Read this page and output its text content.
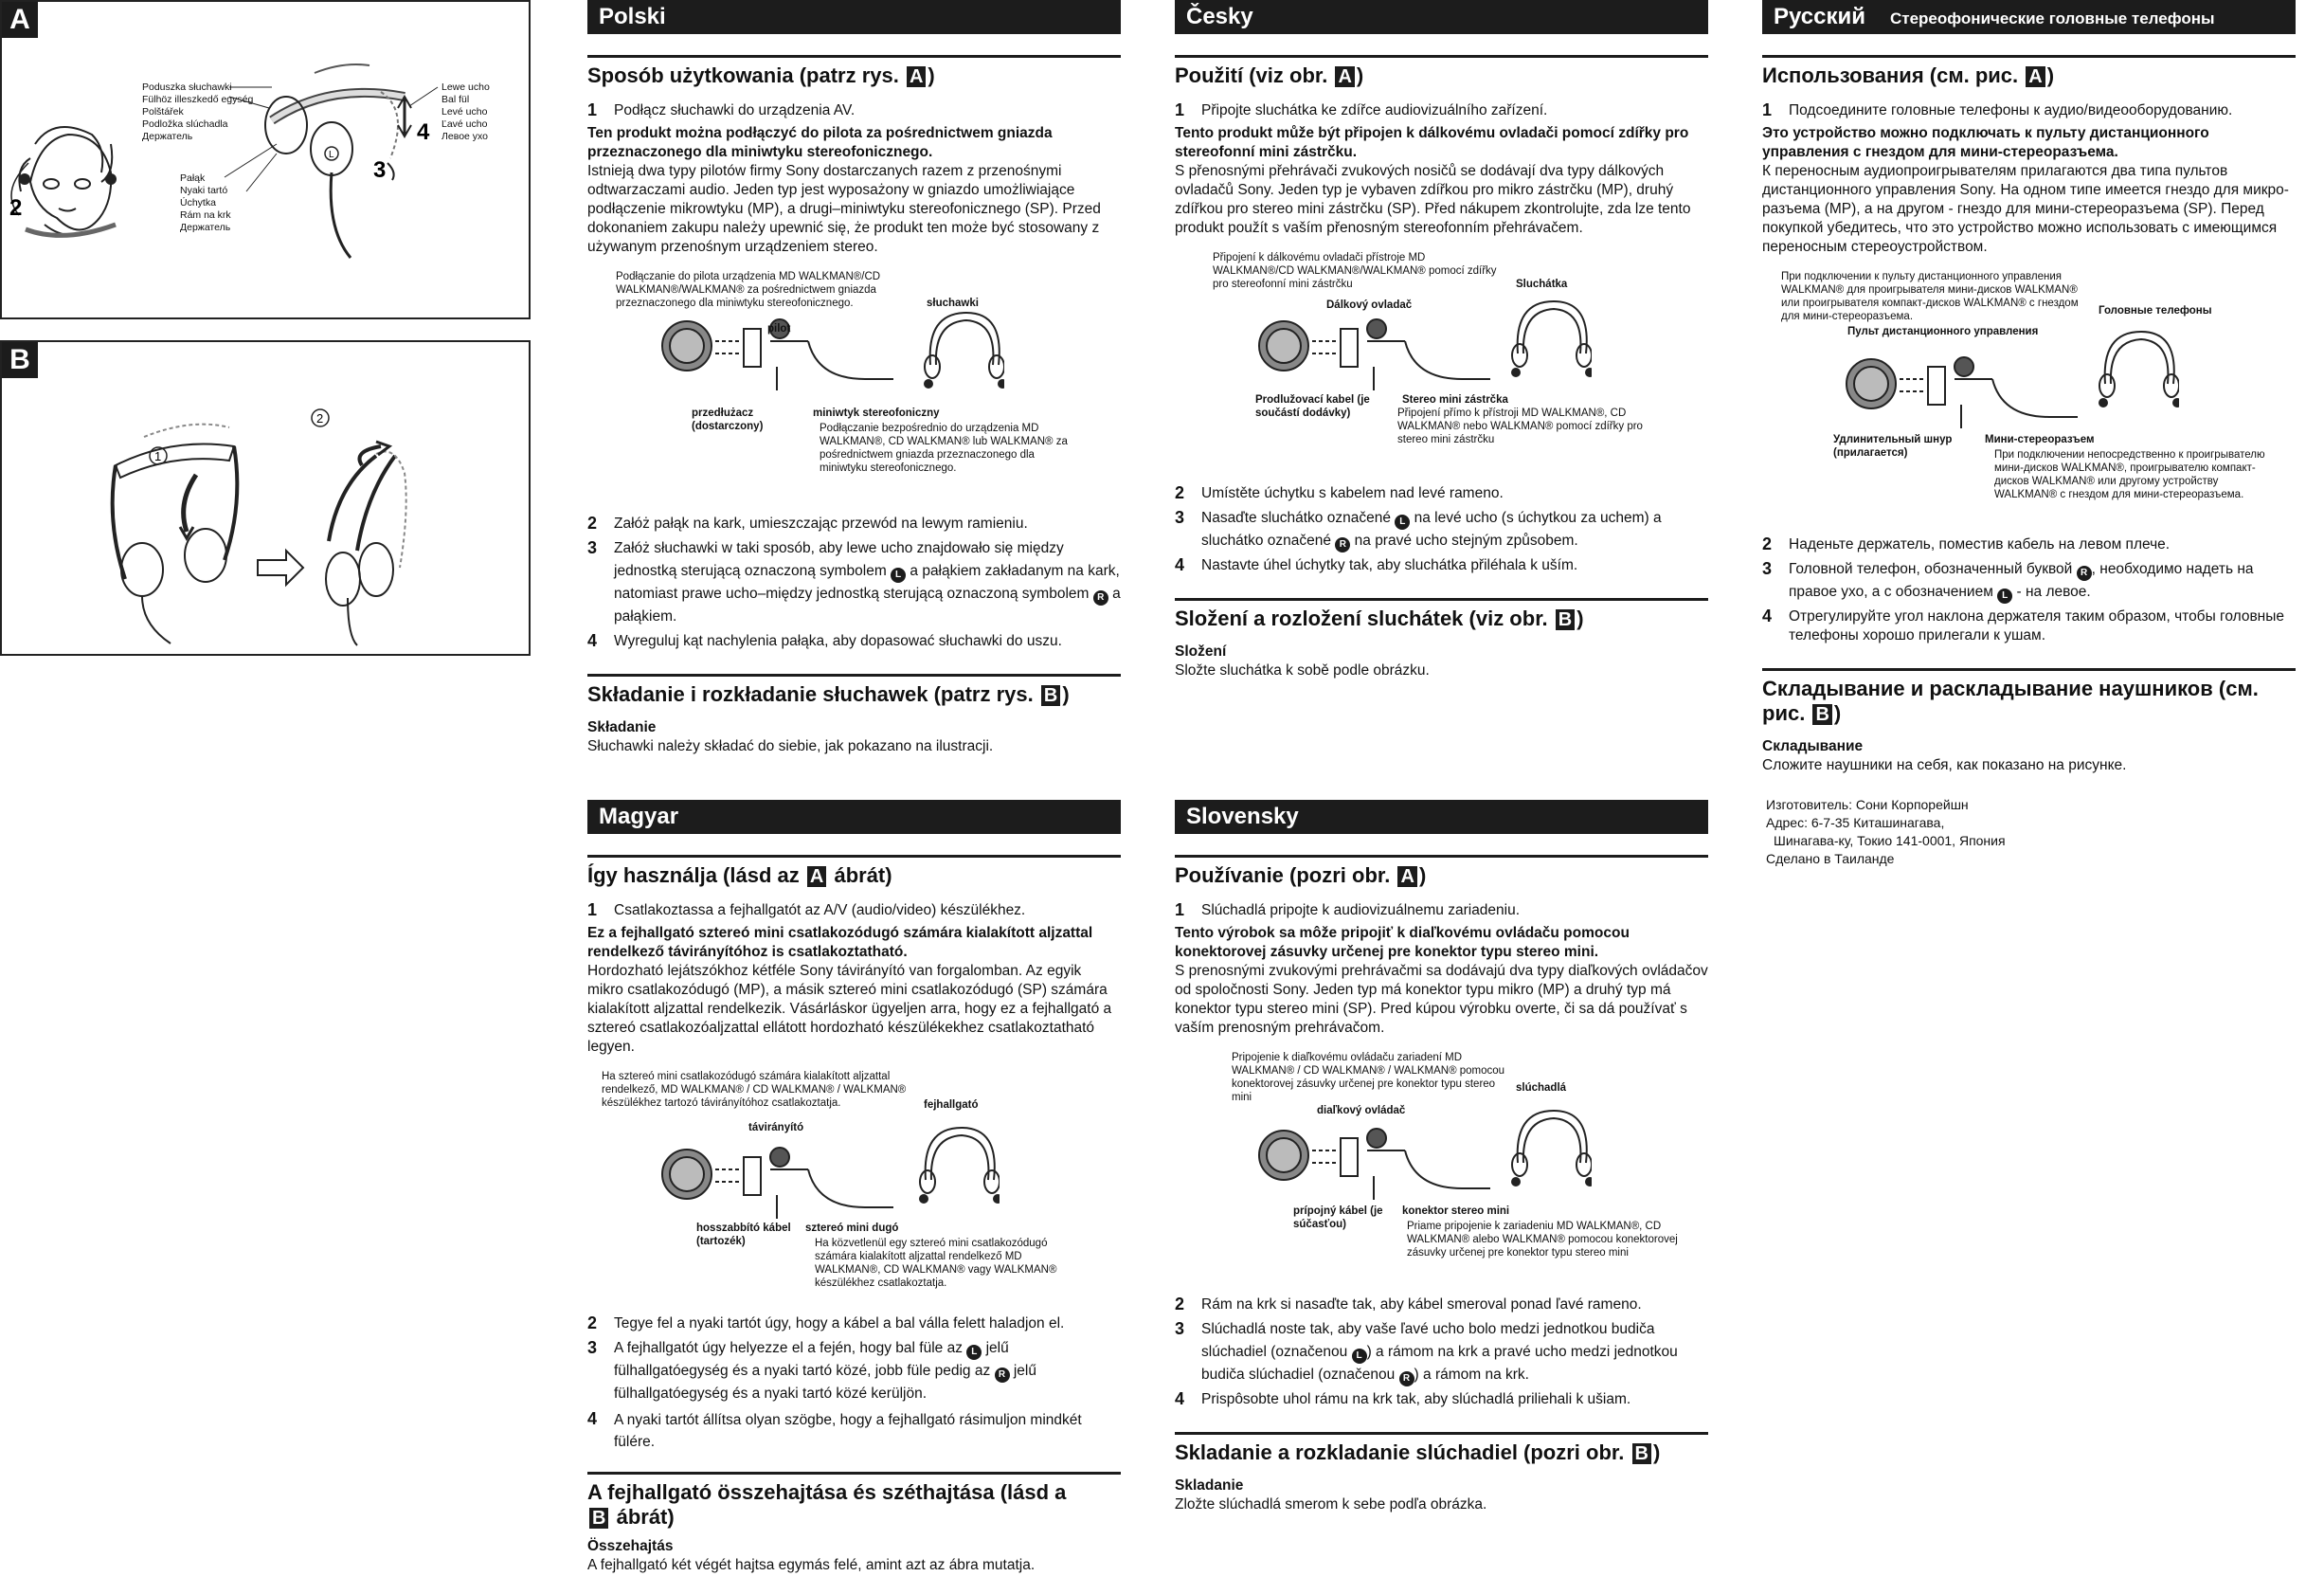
A
2
L
3
4
Poduszka słuchawki
Fülhöz illeszkedő egység
Polštářek
Podložka slúchadla
Держатель
Pałąk
Nyaki tartó
Úchytka
Rám na krk
Держатель
Lewe ucho
Bal fül
Levé ucho
Ľavé ucho
Левое ухо
B
1
2
Polski
Sposób użytkowania (patrz rys. A )
1 Podłącz słuchawki do urządzenia AV.

Ten produkt można podłączyć do pilota za pośrednictwem gniazda przeznaczonego dla miniwtyku stereofonicznego.

Istnieją dwa typy pilotów firmy Sony dostarczanych razem z przenośnymi odtwarzaczami audio. Jeden typ jest wyposażony w gniazdo umożliwiające podłączenie mikrowtyku (MP), a drugi–miniwtyku stereofonicznego (SP). Przed dokonaniem zakupu należy upewnić się, że produkt ten może być stosowany z używanym przenośnym urządzeniem stereo.

Podłączanie do pilota urządzenia MD WALKMAN®/CD WALKMAN®/WALKMAN® za pośrednictwem gniazda przeznaczonego dla miniwtyku stereofonicznego.	słuchawki
pilot
przedłużacz (dostarczony)
miniwtyk stereofoniczny
Podłączanie bezpośrednio do urządzenia MD WALKMAN®, CD WALKMAN® lub WALKMAN® za pośrednictwem gniazda przeznaczonego dla miniwtyku stereofonicznego.
2 Załóż pałąk na kark, umieszczając przewód na lewym ramieniu.
3 Załóż słuchawki w taki sposób, aby lewe ucho znajdowało się między jednostką sterującą oznaczoną symbolem L a pałąkiem zakładanym na kark, natomiast prawe ucho–między jednostką sterującą oznaczoną symbolem R a pałąkiem.
4 Wyreguluj kąt nachylenia pałąka, aby dopasować słuchawki do uszu.
Składanie i rozkładanie słuchawek (patrz rys. B )
Składanie

Słuchawki należy składać do siebie, jak pokazano na ilustracji.

Česky
Použití (viz obr. A )
1 Připojte sluchátka ke zdířce audiovizuálního zařízení.

Tento produkt může být připojen k dálkovému ovladači pomocí zdířky pro stereofonní mini zástrčku.

S přenosnými přehrávači zvukových nosičů se dodávají dva typy dálkových ovladačů Sony. Jeden typ je vybaven zdířkou pro mikro zástrčku (MP), druhý zdířkou pro stereo mini zástrčku (SP). Před nákupem zkontrolujte, zda lze tento produkt použít s vaším přenosným stereofonním přehrávačem.

Připojení k dálkovému ovladači přístroje MD WALKMAN®/CD WALKMAN®/WALKMAN® pomocí zdířky pro stereofonní mini zástrčku	Sluchátka
Dálkový ovladač
Prodlužovací kabel (je součástí dodávky)
Stereo mini zástrčka
Připojení přímo k přístroji MD WALKMAN®, CD WALKMAN® nebo WALKMAN® pomocí zdířky pro stereo mini zástrčku
2 Umístěte úchytku s kabelem nad levé rameno.
3 Nasaďte sluchátko označené L na levé ucho (s úchytkou za uchem) a sluchátko označené R na pravé ucho stejným způsobem.
4 Nastavte úhel úchytky tak, aby sluchátka přiléhala k uším.
Složení a rozložení sluchátek (viz obr. B )
Složení

Složte sluchátka k sobě podle obrázku.

Русский Стереофонические головные телефоны
Использования (см. рис. A )
1 Подсоедините головные телефоны к аудио/видеооборудованию.

Это устройство можно подключать к пульту дистанционного управления с гнездом для мини-стереоразъема.

К переносным аудиопроигрывателям прилагаются два типа пультов дистанционного управления Sony. На одном типе имеется гнездо для микро-разъема (MP), а на другом - гнездо для мини-стереоразъема (SP). Перед покупкой убедитесь, что это устройство можно использовать с имеющимся переносным стереоустройством.

При подключении к пульту дистанционного управления WALKMAN® для проигрывателя мини-дисков WALKMAN® или проигрывателя компакт-дисков WALKMAN® с гнездом для мини-стереоразъема.	Головные телефоны
Пульт дистанционного управления
Удлинительный шнур (прилагается)
Мини-стереоразъем
При подключении непосредственно к проигрывателю мини-дисков WALKMAN®, проигрывателю компакт-дисков WALKMAN® или другому устройству WALKMAN® с гнездом для мини-стереоразъема.
2 Наденьте держатель, поместив кабель на левом плече.
3 Головной телефон, обозначенный буквой R , необходимо надеть на правое ухо, а с обозначением L - на левое.
4 Отрегулируйте угол наклона держателя таким образом, чтобы головные телефоны хорошо прилегали к ушам.
Складывание и раскладывание наушников (см. рис. B )
Складывание

Сложите наушники на себя, как показано на рисунке.

Изготовитель: Сони Корпорейшн
Адрес: 6-7-35 Киташинагава,
Шинагава-ку, Токио 141-0001, Япония
Сделано в Таиланде
Magyar
Így használja (lásd az A ábrát)
1 Csatlakoztassa a fejhallgatót az A/V (audio/video) készülékhez.

Ez a fejhallgató sztereó mini csatlakozódugó számára kialakított aljzattal rendelkező távirányítóhoz is csatlakoztatható.

Hordozható lejátszókhoz kétféle Sony távirányító van forgalomban. Az egyik mikro csatlakozódugó (MP), a másik sztereó mini csatlakozódugó (SP) számára kialakított aljzattal rendelkezik. Vásárláskor ügyeljen arra, hogy ez a fejhallgató a sztereó csatlakozóaljzattal ellátott hordozható készülékekhez csatlakoztatható legyen.

Ha sztereó mini csatlakozódugó számára kialakított aljzattal rendelkező, MD WALKMAN® / CD WALKMAN® / WALKMAN® készülékhez tartozó távirányítóhoz csatlakoztatja.	fejhallgató
távirányító
hosszabbító kábel (tartozék)
sztereó mini dugó
Ha közvetlenül egy sztereó mini csatlakozódugó számára kialakított aljzattal rendelkező MD WALKMAN®, CD WALKMAN® vagy WALKMAN® készülékhez csatlakoztatja.
2 Tegye fel a nyaki tartót úgy, hogy a kábel a bal válla felett haladjon el.
3 A fejhallgatót úgy helyezze el a fején, hogy bal füle az L jelű fülhallgatóegység és a nyaki tartó közé, jobb füle pedig az R jelű fülhallgatóegység és a nyaki tartó közé kerüljön.
4 A nyaki tartót állítsa olyan szögbe, hogy a fejhallgató rásimuljon mindkét fülére.
A fejhallgató összehajtása és széthajtása (lásd a
B ábrát)
Összehajtás

A fejhallgató két végét hajtsa egymás felé, amint azt az ábra mutatja.

Slovensky
Používanie (pozri obr. A )
1 Slúchadlá pripojte k audiovizuálnemu zariadeniu.

Tento výrobok sa môže pripojiť k diaľkovému ovládaču pomocou konektorovej zásuvky určenej pre konektor typu stereo mini.

S prenosnými zvukovými prehrávačmi sa dodávajú dva typy diaľkových ovládačov od spoločnosti Sony. Jeden typ má konektor typu mikro (MP) a druhý typ má konektor typu stereo mini (SP). Pred kúpou výrobku overte, či sa dá používať s vaším prenosným prehrávačom.

Pripojenie k diaľkovému ovládaču zariadení MD WALKMAN® / CD WALKMAN® / WALKMAN® pomocou konektorovej zásuvky určenej pre konektor typu stereo mini
slúchadlá
diaľkový ovládač
prípojný kábel (je súčasťou)
konektor stereo mini
Priame pripojenie k zariadeniu MD WALKMAN®, CD WALKMAN® alebo WALKMAN® pomocou konektorovej zásuvky určenej pre konektor typu stereo mini
2 Rám na krk si nasaďte tak, aby kábel smeroval ponad ľavé rameno.
3 Slúchadlá noste tak, aby vaše ľavé ucho bolo medzi jednotkou budiča slúchadiel (označenou L ) a rámom na krk a pravé ucho medzi jednotkou budiča slúchadiel (označenou R ) a rámom na krk.
4 Prispôsobte uhol rámu na krk tak, aby slúchadlá priliehali k ušiam.
Skladanie a rozkladanie slúchadiel (pozri obr. B )
Skladanie

Zložte slúchadlá smerom k sebe podľa obrázka.
